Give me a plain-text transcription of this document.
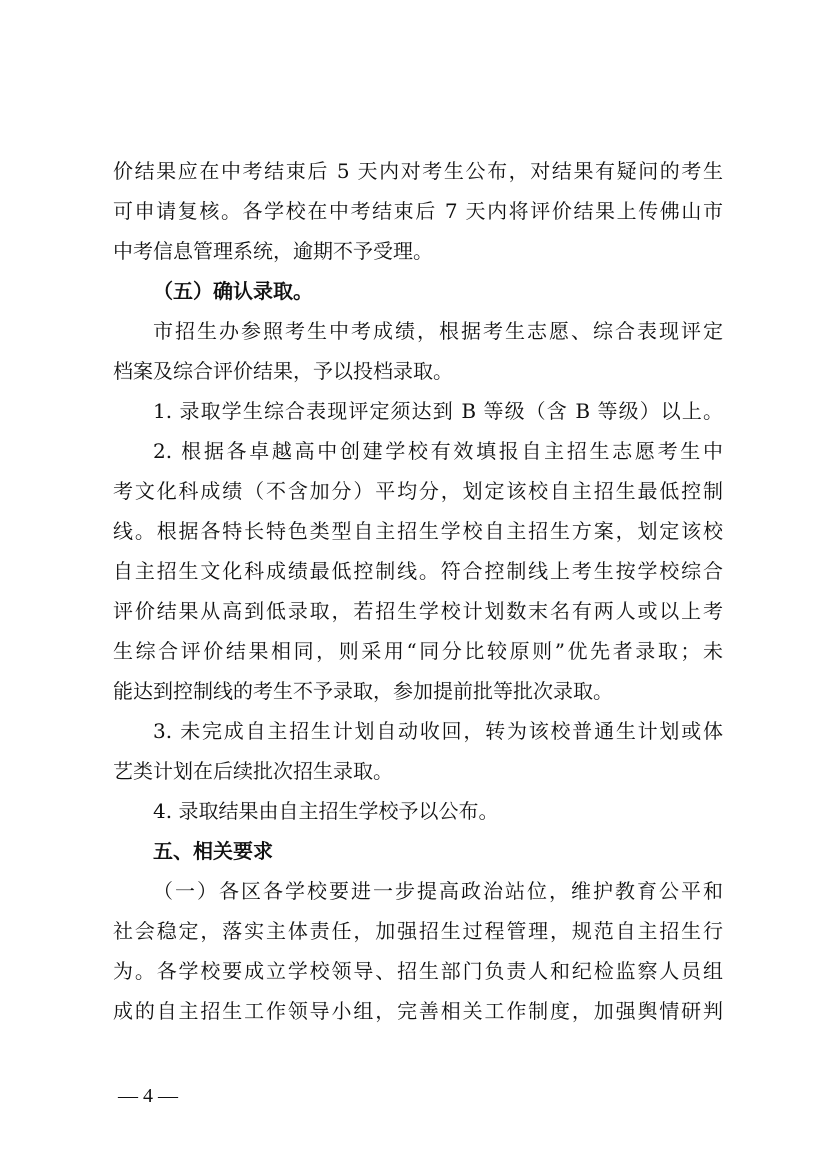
价结果应在中考结束后 5 天内对考生公布，对结果有疑问的考生
可申请复核。各学校在中考结束后 7 天内将评价结果上传佛山市
中考信息管理系统，逾期不予受理。
（五）确认录取。
市招生办参照考生中考成绩，根据考生志愿、综合表现评定
档案及综合评价结果，予以投档录取。
1. 录取学生综合表现评定须达到 B 等级（含 B 等级）以上。
2. 根据各卓越高中创建学校有效填报自主招生志愿考生中
考文化科成绩（不含加分）平均分，划定该校自主招生最低控制
线。根据各特长特色类型自主招生学校自主招生方案，划定该校
自主招生文化科成绩最低控制线。符合控制线上考生按学校综合
评价结果从高到低录取，若招生学校计划数末名有两人或以上考
生综合评价结果相同，则采用“同分比较原则”优先者录取；未
能达到控制线的考生不予录取，参加提前批等批次录取。
3. 未完成自主招生计划自动收回，转为该校普通生计划或体
艺类计划在后续批次招生录取。
4. 录取结果由自主招生学校予以公布。
五、相关要求
（一）各区各学校要进一步提高政治站位，维护教育公平和
社会稳定，落实主体责任，加强招生过程管理，规范自主招生行
为。各学校要成立学校领导、招生部门负责人和纪检监察人员组
成的自主招生工作领导小组，完善相关工作制度，加强舆情研判
— 4 —
